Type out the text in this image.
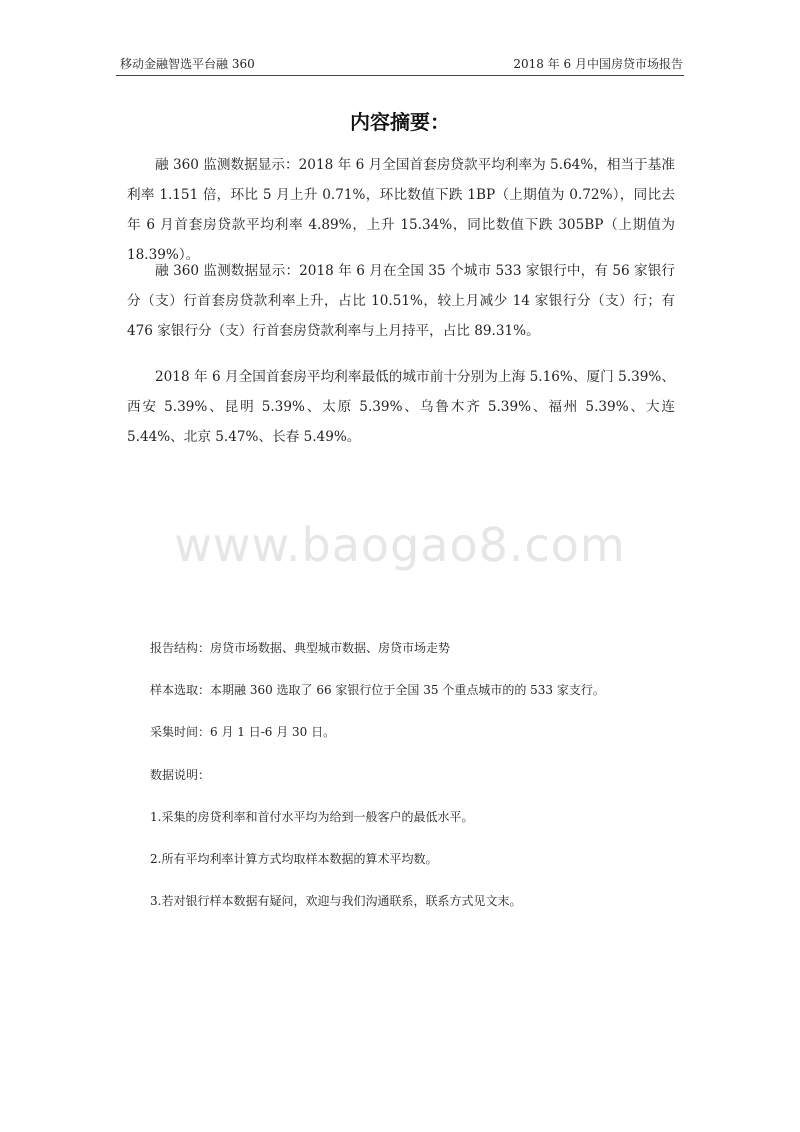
移动金融智选平台融 360	2018 年 6 月中国房贷市场报告
内容摘要：

融 360 监测数据显示：2018 年 6 月全国首套房贷款平均利率为 5.64%，相当于基准利率 1.151 倍，环比 5 月上升 0.71%，环比数值下跌 1BP（上期值为 0.72%），同比去年 6 月首套房贷款平均利率 4.89%，上升 15.34%，同比数值下跌 305BP（上期值为 18.39%）。

融 360 监测数据显示：2018 年 6 月在全国 35 个城市 533 家银行中，有 56 家银行分（支）行首套房贷款利率上升，占比 10.51%，较上月减少 14 家银行分（支）行；有 476 家银行分（支）行首套房贷款利率与上月持平，占比 89.31%。

2018 年 6 月全国首套房平均利率最低的城市前十分别为上海 5.16%、厦门 5.39%、西安 5.39%、昆明 5.39%、太原 5.39%、乌鲁木齐 5.39%、福州 5.39%、大连 5.44%、北京 5.47%、长春 5.49%。

www.baogao8.com

报告结构：房贷市场数据、典型城市数据、房贷市场走势

样本选取：本期融 360 选取了 66 家银行位于全国 35 个重点城市的的 533 家支行。

采集时间：6 月 1 日-6 月 30 日。

数据说明：

1.采集的房贷利率和首付水平均为给到一般客户的最低水平。

2.所有平均利率计算方式均取样本数据的算术平均数。

3.若对银行样本数据有疑问，欢迎与我们沟通联系，联系方式见文末。
